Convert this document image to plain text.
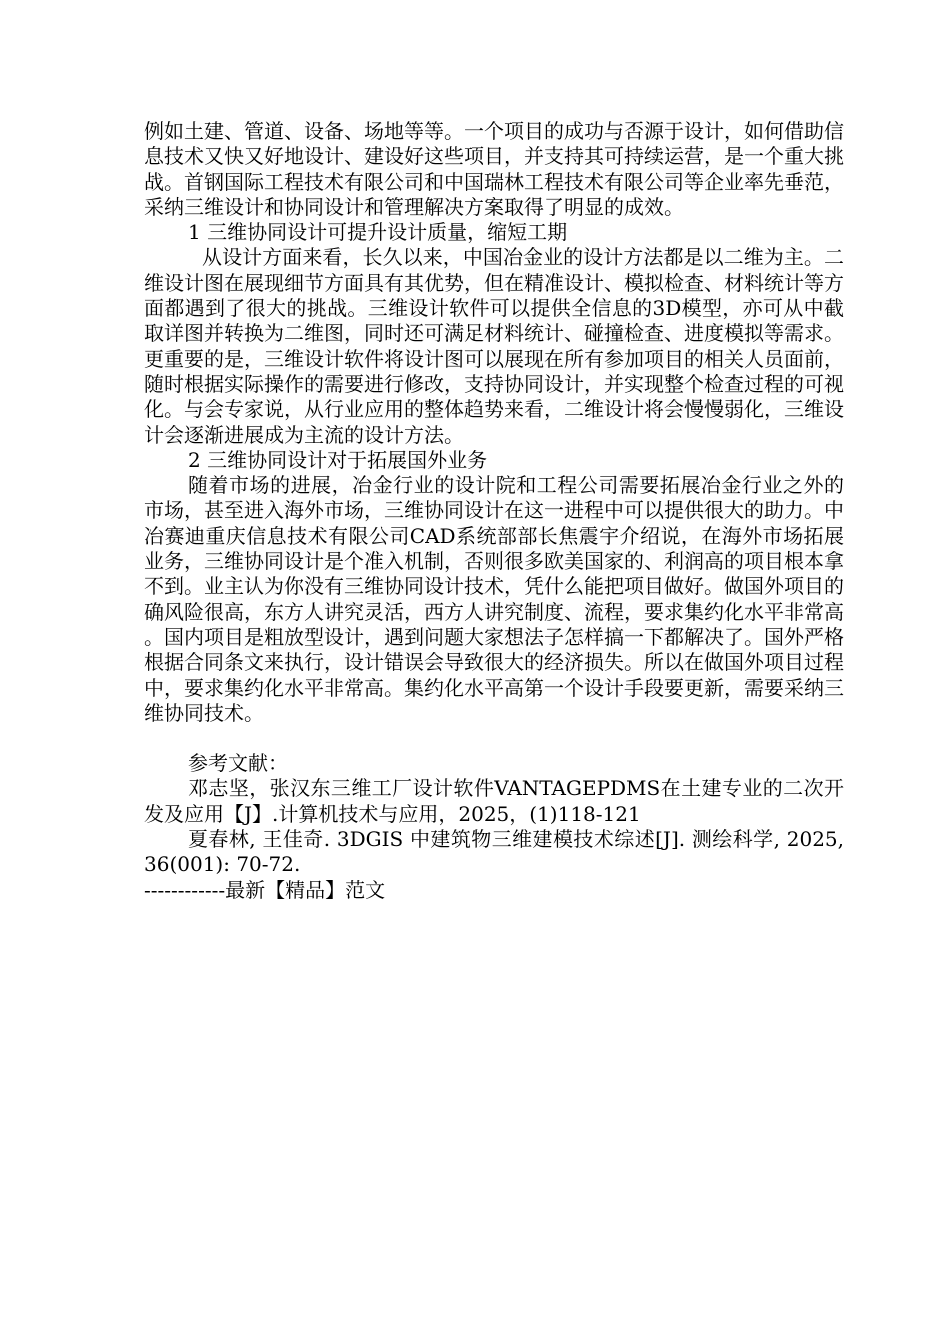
例如土建、管道、设备、场地等等。一个项目的成功与否源于设计，如何借助信息技术又快又好地设计、建设好这些项目，并支持其可持续运营，是一个重大挑战。首钢国际工程技术有限公司和中国瑞林工程技术有限公司等企业率先垂范，采纳三维设计和协同设计和管理解决方案取得了明显的成效。

1 三维协同设计可提升设计质量，缩短工期

从设计方面来看，长久以来，中国冶金业的设计方法都是以二维为主。二维设计图在展现细节方面具有其优势，但在精准设计、模拟检查、材料统计等方面都遇到了很大的挑战。三维设计软件可以提供全信息的3D模型，亦可从中截取详图并转换为二维图，同时还可满足材料统计、碰撞检查、进度模拟等需求。更重要的是，三维设计软件将设计图可以展现在所有参加项目的相关人员面前，随时根据实际操作的需要进行修改，支持协同设计，并实现整个检查过程的可视化。与会专家说，从行业应用的整体趋势来看，二维设计将会慢慢弱化，三维设计会逐渐进展成为主流的设计方法。

2 三维协同设计对于拓展国外业务

随着市场的进展，冶金行业的设计院和工程公司需要拓展冶金行业之外的市场，甚至进入海外市场，三维协同设计在这一进程中可以提供很大的助力。中冶赛迪重庆信息技术有限公司CAD系统部部长焦震宇介绍说，在海外市场拓展业务，三维协同设计是个准入机制，否则很多欧美国家的、利润高的项目根本拿不到。业主认为你没有三维协同设计技术，凭什么能把项目做好。做国外项目的确风险很高，东方人讲究灵活，西方人讲究制度、流程，要求集约化水平非常高。国内项目是粗放型设计，遇到问题大家想法子怎样搞一下都解决了。国外严格根据合同条文来执行，设计错误会导致很大的经济损失。所以在做国外项目过程中，要求集约化水平非常高。集约化水平高第一个设计手段要更新，需要采纳三维协同技术。

参考文献：

邓志坚，张汉东三维工厂设计软件VANTAGEPDMS在土建专业的二次开发及应用【J】.计算机技术与应用，2025，(1)118-121

夏春林, 王佳奇. 3DGIS 中建筑物三维建模技术综述[J]. 测绘科学, 2025, 36(001): 70-72.

------------最新【精品】范文
